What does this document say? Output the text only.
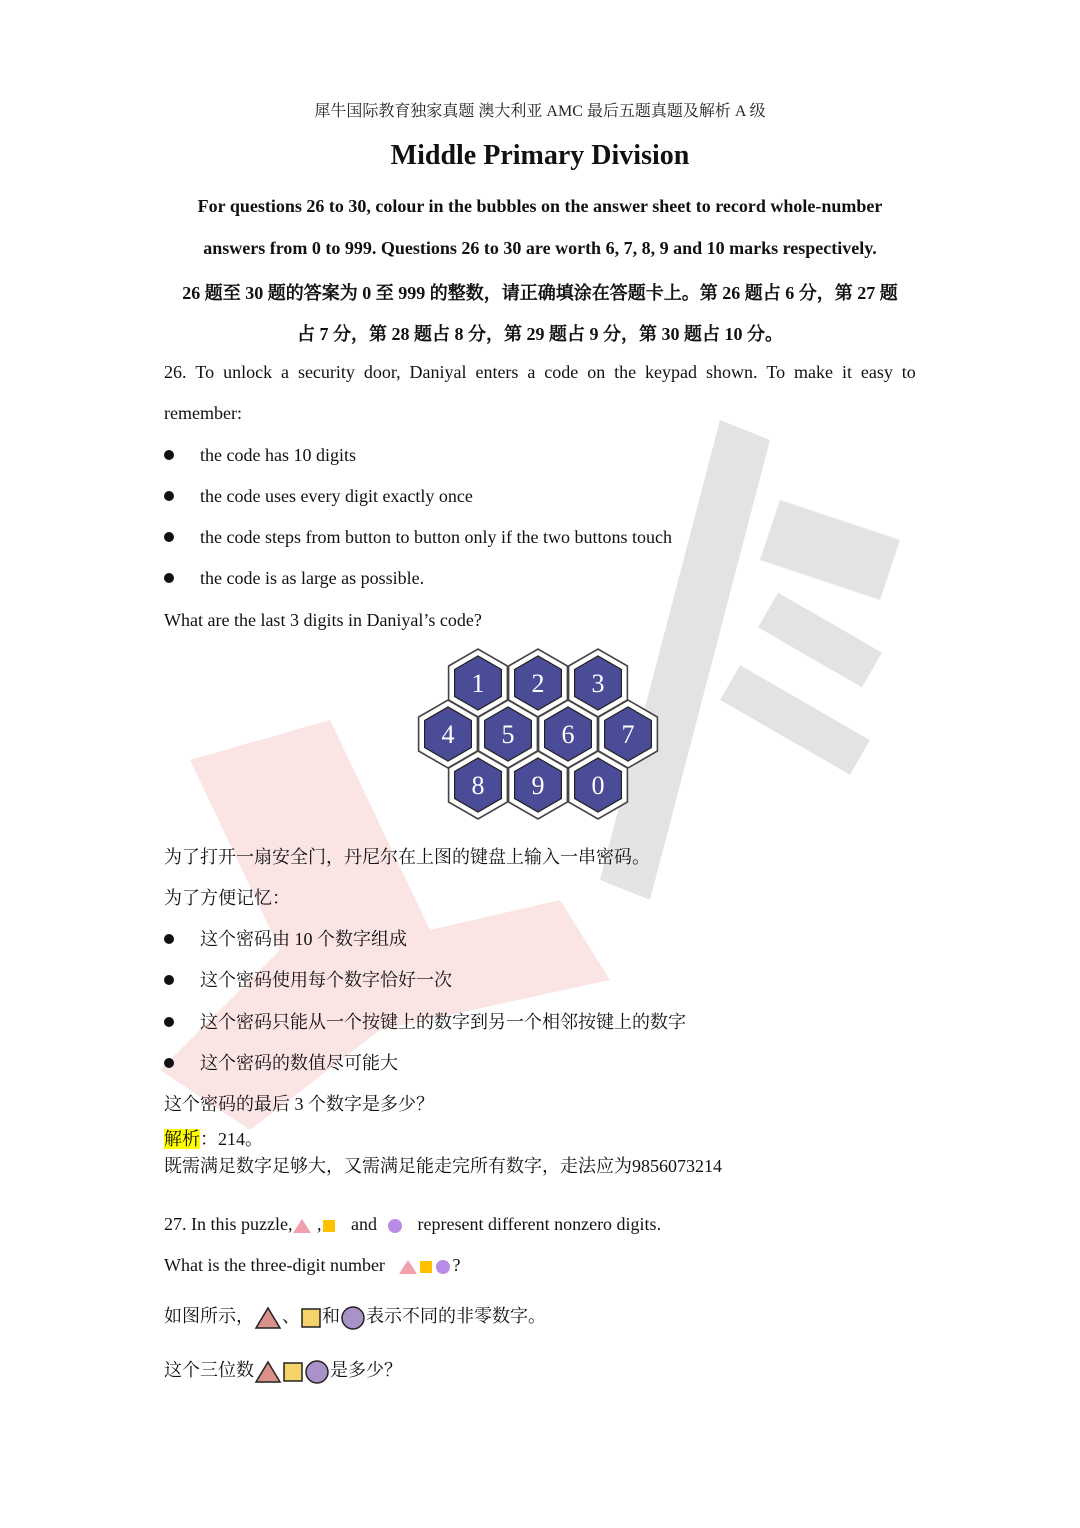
犀牛国际教育独家真题 澳大利亚 AMC 最后五题真题及解析 A 级
Middle Primary Division
For questions 26 to 30, colour in the bubbles on the answer sheet to record whole-number
answers from 0 to 999. Questions 26 to 30 are worth 6, 7, 8, 9 and 10 marks respectively.
26 题至 30 题的答案为 0 至 999 的整数，请正确填涂在答题卡上。第 26 题占 6 分，第 27 题
占 7 分，第 28 题占 8 分，第 29 题占 9 分，第 30 题占 10 分。
26. To unlock a security door, Daniyal enters a code on the keypad shown. To make it easy to
remember:
the code has 10 digits
the code uses every digit exactly once
the code steps from button to button only if the two buttons touch
the code is as large as possible.
What are the last 3 digits in Daniyal’s code?
1 2 3
4 5 6 7
8 9 0
为了打开一扇安全门，丹尼尔在上图的键盘上输入一串密码。
为了方便记忆：
这个密码由 10 个数字组成
这个密码使用每个数字恰好一次
这个密码只能从一个按键上的数字到另一个相邻按键上的数字
这个密码的数值尽可能大
这个密码的最后 3 个数字是多少？
解析：214。
既需满足数字足够大，又需满足能走完所有数字，走法应为9856073214
27. In this puzzle, , and represent different nonzero digits.
What is the three-digit number	?
如图所示， 、 和 表示不同的非零数字。
这个三位数	是多少？
